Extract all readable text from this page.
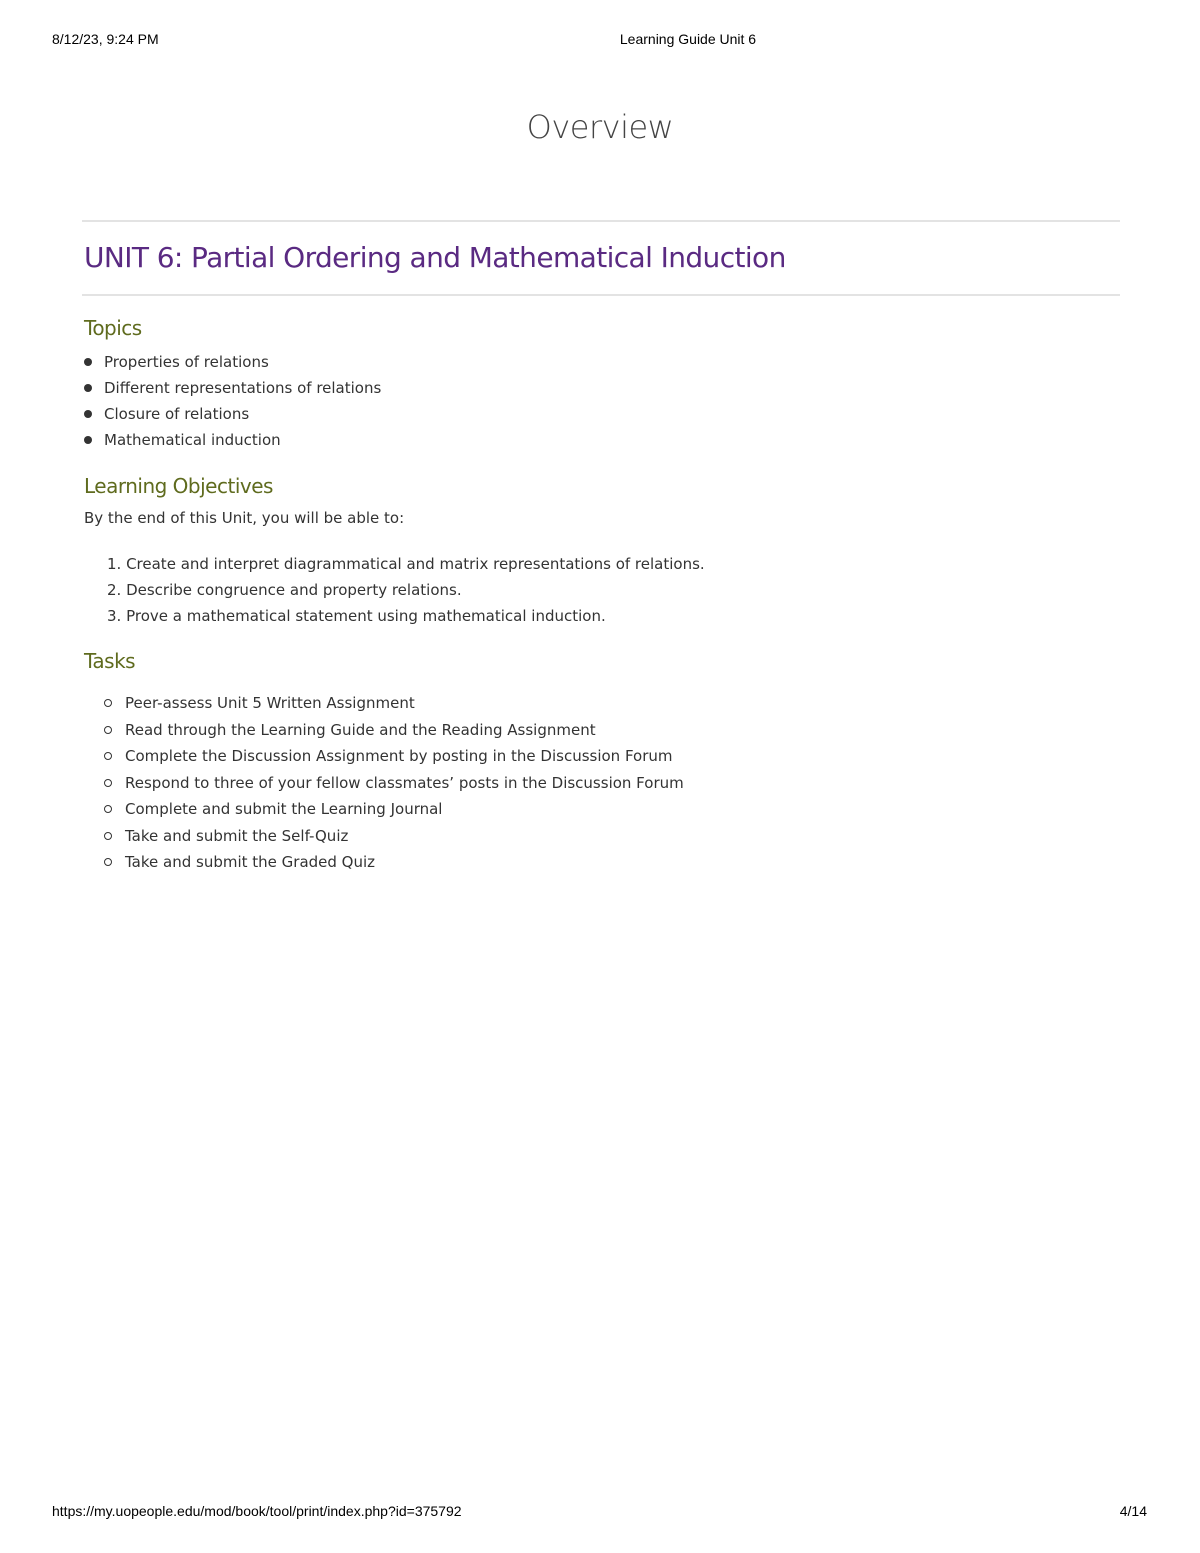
8/12/23, 9:24 PM	Learning Guide Unit 6
Overview
UNIT 6: Partial Ordering and Mathematical Induction
Topics
Properties of relations
Different representations of relations
Closure of relations
Mathematical induction
Learning Objectives
By the end of this Unit, you will be able to:
1. Create and interpret diagrammatical and matrix representations of relations.
2. Describe congruence and property relations.
3. Prove a mathematical statement using mathematical induction.
Tasks
Peer-assess Unit 5 Written Assignment
Read through the Learning Guide and the Reading Assignment
Complete the Discussion Assignment by posting in the Discussion Forum
Respond to three of your fellow classmates’ posts in the Discussion Forum
Complete and submit the Learning Journal
Take and submit the Self-Quiz
Take and submit the Graded Quiz
https://my.uopeople.edu/mod/book/tool/print/index.php?id=375792	4/14
